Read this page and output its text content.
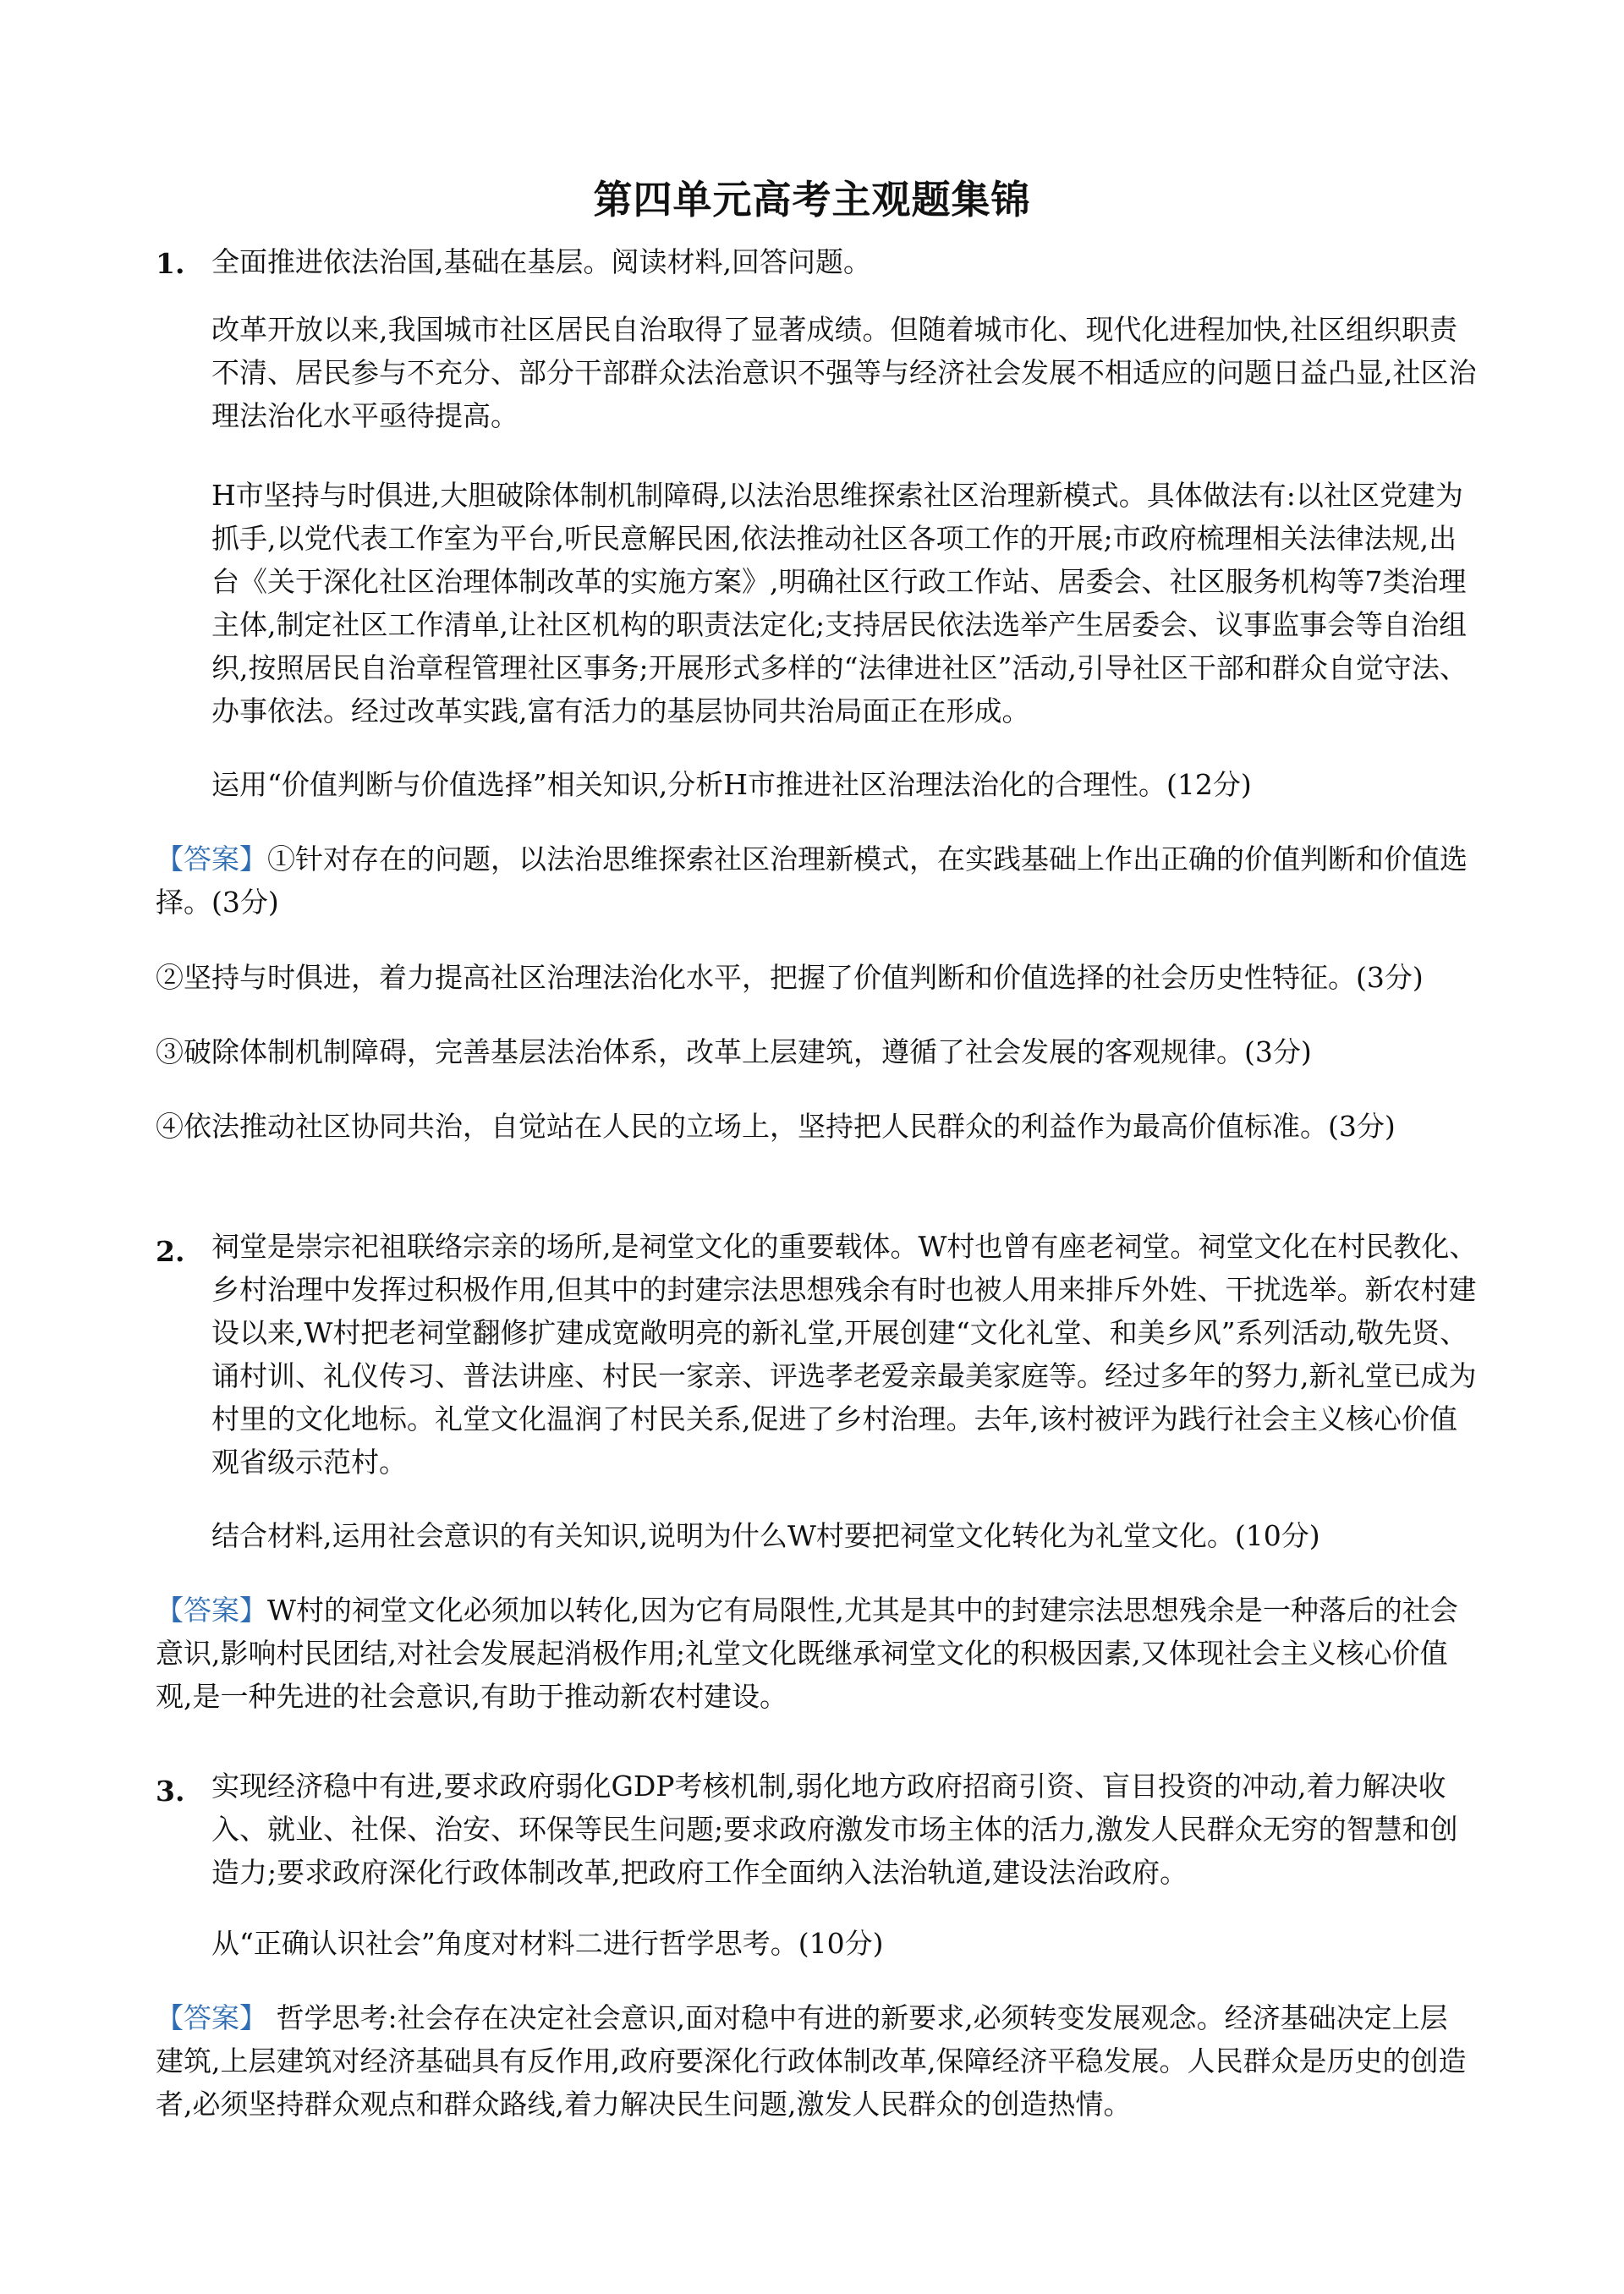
第四单元高考主观题集锦

1. 全面推进依法治国,基础在基层。阅读材料,回答问题。

改革开放以来,我国城市社区居民自治取得了显著成绩。但随着城市化、现代化进程加快,社区组织职责不清、居民参与不充分、部分干部群众法治意识不强等与经济社会发展不相适应的问题日益凸显,社区治理法治化水平亟待提高。

H市坚持与时俱进,大胆破除体制机制障碍,以法治思维探索社区治理新模式。具体做法有:以社区党建为抓手,以党代表工作室为平台,听民意解民困,依法推动社区各项工作的开展;市政府梳理相关法律法规,出台《关于深化社区治理体制改革的实施方案》,明确社区行政工作站、居委会、社区服务机构等7类治理主体,制定社区工作清单,让社区机构的职责法定化;支持居民依法选举产生居委会、议事监事会等自治组织,按照居民自治章程管理社区事务;开展形式多样的“法律进社区”活动,引导社区干部和群众自觉守法、办事依法。经过改革实践,富有活力的基层协同共治局面正在形成。

运用“价值判断与价值选择”相关知识,分析H市推进社区治理法治化的合理性。(12分)

【答案】①针对存在的问题，以法治思维探索社区治理新模式，在实践基础上作出正确的价值判断和价值选择。(3分)

②坚持与时俱进，着力提高社区治理法治化水平，把握了价值判断和价值选择的社会历史性特征。(3分)

③破除体制机制障碍，完善基层法治体系，改革上层建筑，遵循了社会发展的客观规律。(3分)

④依法推动社区协同共治，自觉站在人民的立场上，坚持把人民群众的利益作为最高价值标准。(3分)

2. 祠堂是崇宗祀祖联络宗亲的场所,是祠堂文化的重要载体。W村也曾有座老祠堂。祠堂文化在村民教化、乡村治理中发挥过积极作用,但其中的封建宗法思想残余有时也被人用来排斥外姓、干扰选举。新农村建设以来,W村把老祠堂翻修扩建成宽敞明亮的新礼堂,开展创建“文化礼堂、和美乡风”系列活动,敬先贤、诵村训、礼仪传习、普法讲座、村民一家亲、评选孝老爱亲最美家庭等。经过多年的努力,新礼堂已成为村里的文化地标。礼堂文化温润了村民关系,促进了乡村治理。去年,该村被评为践行社会主义核心价值观省级示范村。

结合材料,运用社会意识的有关知识,说明为什么W村要把祠堂文化转化为礼堂文化。(10分)

【答案】W村的祠堂文化必须加以转化,因为它有局限性,尤其是其中的封建宗法思想残余是一种落后的社会意识,影响村民团结,对社会发展起消极作用;礼堂文化既继承祠堂文化的积极因素,又体现社会主义核心价值观,是一种先进的社会意识,有助于推动新农村建设。

3. 实现经济稳中有进,要求政府弱化GDP考核机制,弱化地方政府招商引资、盲目投资的冲动,着力解决收入、就业、社保、治安、环保等民生问题;要求政府激发市场主体的活力,激发人民群众无穷的智慧和创造力;要求政府深化行政体制改革,把政府工作全面纳入法治轨道,建设法治政府。

从“正确认识社会”角度对材料二进行哲学思考。(10分)

【答案】 哲学思考:社会存在决定社会意识,面对稳中有进的新要求,必须转变发展观念。经济基础决定上层建筑,上层建筑对经济基础具有反作用,政府要深化行政体制改革,保障经济平稳发展。人民群众是历史的创造者,必须坚持群众观点和群众路线,着力解决民生问题,激发人民群众的创造热情。
